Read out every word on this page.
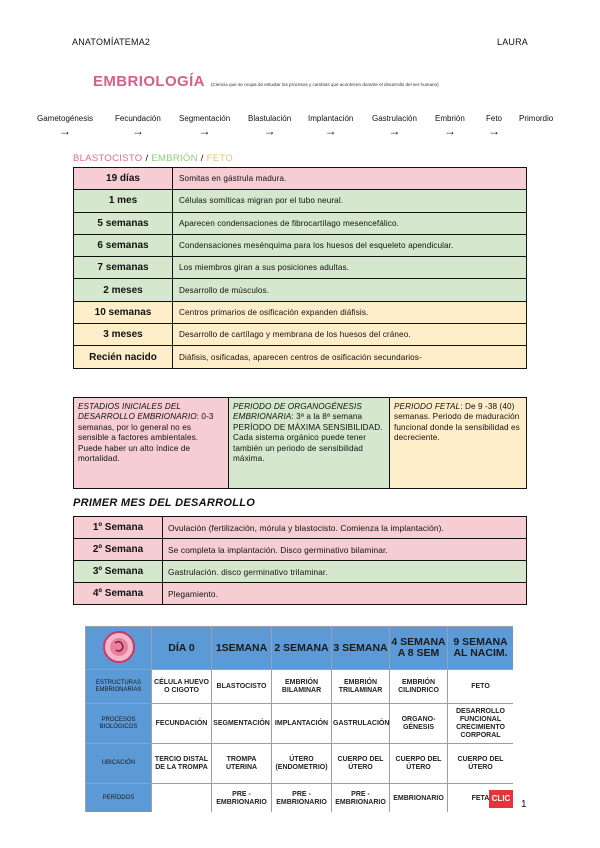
ANATOMÍATEMA2	LAURA
EMBRIOLOGÍA (Ciencia que se ocupa de estudiar los procesos y cambios que acontecen durante el desarrollo del ser humano)
Gametogénesis
→
Fecundación
→
Segmentación
→
Blastulación
→
Implantación
→
Gastrulación
→
Embrión
→
Feto
→
Primordio
BLASTOCISTO / EMBRIÓN / FETO
19 días	Somitas en gástrula madura.
1 mes	Células somíticas migran por el tubo neural.
5 semanas	Aparecen condensaciones de fibrocartílago mesencefálico.
6 semanas	Condensaciones mesénquima para los huesos del esqueleto apendicular.
7 semanas	Los miembros giran a sus posiciones adultas.
2 meses	Desarrollo de músculos.
10 semanas	Centros primarios de osificación expanden diáfisis.
3 meses	Desarrollo de cartílago y membrana de los huesos del cráneo.
Recién nacido	Diáfisis, osificadas, aparecen centros de osificación secundarios-
ESTADIOS INICIALES DEL DESARROLLO EMBRIONARIO: 0-3 semanas, por lo general no es sensible a factores ambientales. Puede haber un alto índice de mortalidad.
PERIODO DE ORGANOGÉNESIS EMBRIONARIA: 3ª a la 8ª semana PERÍODO DE MÁXIMA SENSIBILIDAD. Cada sistema orgánico puede tener también un periodo de sensibilidad máxima.
PERIODO FETAL: De 9 -38 (40) semanas. Periodo de maduración funcional donde la sensibilidad es decreciente.
PRIMER MES DEL DESARROLLO
1º Semana	Ovulación (fertilización, mórula y blastocisto. Comienza la implantación).
2º Semana	Se completa la implantación. Disco germinativo bilaminar.
3º Semana	Gastrulación. disco germinativo trilaminar.
4º Semana	Plegamiento.
	DÍA 0	1SEMANA	2 SEMANA	3 SEMANA	4 SEMANA A 8 SEM	9 SEMANA AL NACIM.
ESTRUCTURAS EMBRIONARIAS	CÉLULA HUEVO O CIGOTO	BLASTOCISTO	EMBRIÓN BILAMINAR	EMBRIÓN TRILAMINAR	EMBRIÓN CILINDRICO	FETO
PROCESOS BIOLÓGICOS	FECUNDACIÓN	SEGMENTACIÓN	IMPLANTACIÓN	GASTRULACIÓN	ORGANO-GÉNESIS	DESARROLLO FUNCIONAL CRECIMIENTO CORPORAL
UBICACIÓN	TERCIO DISTAL DE LA TROMPA	TROMPA UTERINA	ÚTERO (ENDOMETRIO)	CUERPO DEL ÚTERO	CUERPO DEL ÚTERO	CUERPO DEL ÚTERO
PERÍODOS		PRE - EMBRIONARIO	PRE - EMBRIONARIO	PRE - EMBRIONARIO	EMBRIONARIO	FETA CLIC
1
